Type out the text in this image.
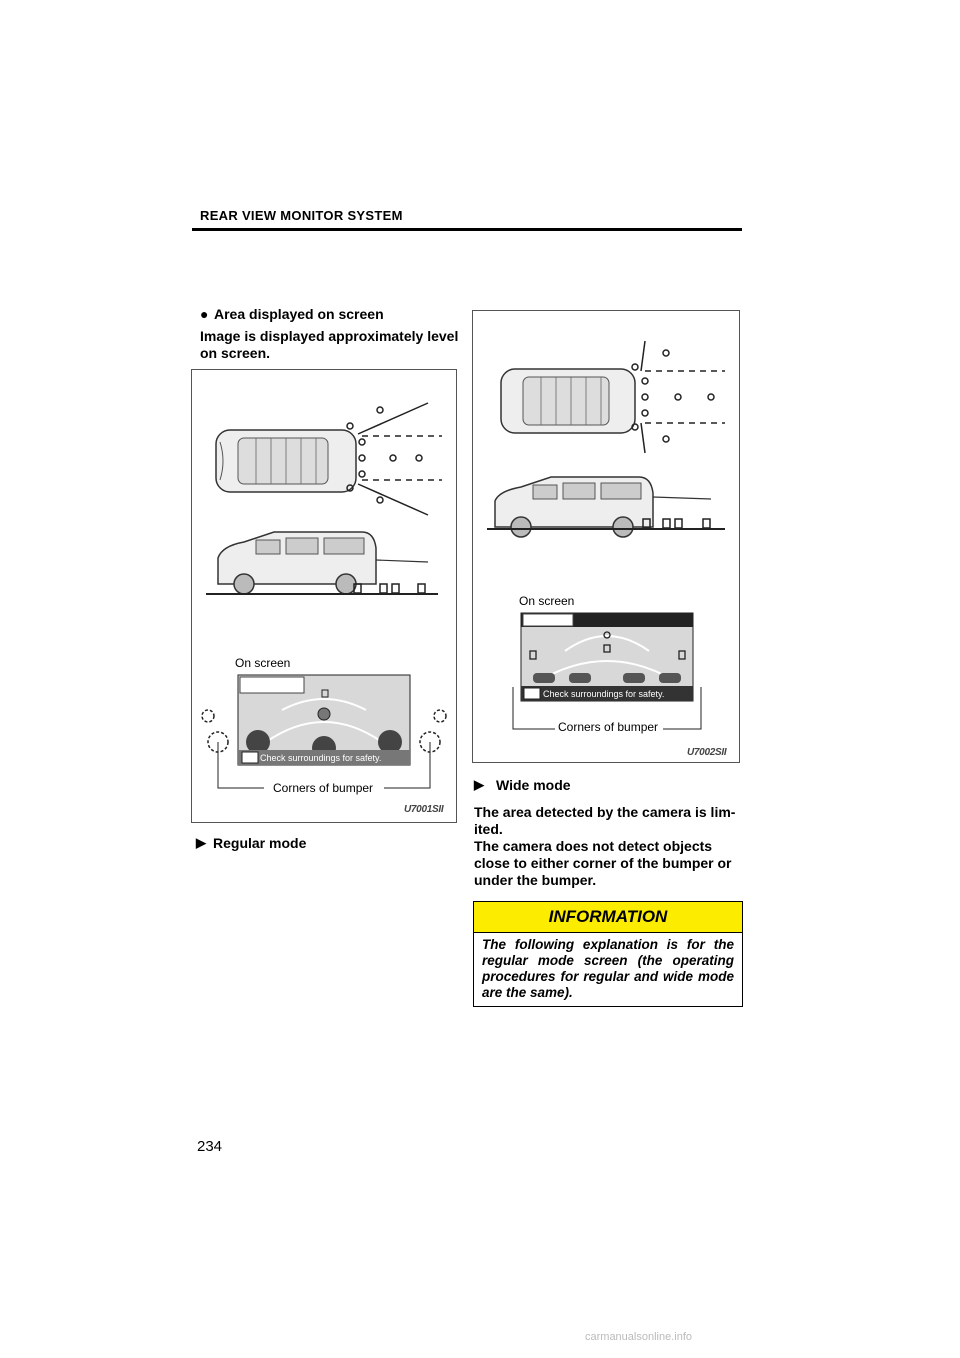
REAR VIEW MONITOR SYSTEM
● Area displayed on screen
Image is displayed approximately level
on screen.
On screen
Check surroundings for safety.
Corners of bumper
U7001SII
▶ Regular mode
On screen
Check surroundings for safety.
Corners of bumper
U7002SII
▶ Wide mode
The area detected by the camera is lim-
ited.
The camera does not detect objects
close to either corner of the bumper or
under the bumper.
INFORMATION
The following explanation is for the regular mode screen (the operating procedures for regular and wide mode are the same).
234
carmanualsonline.info
